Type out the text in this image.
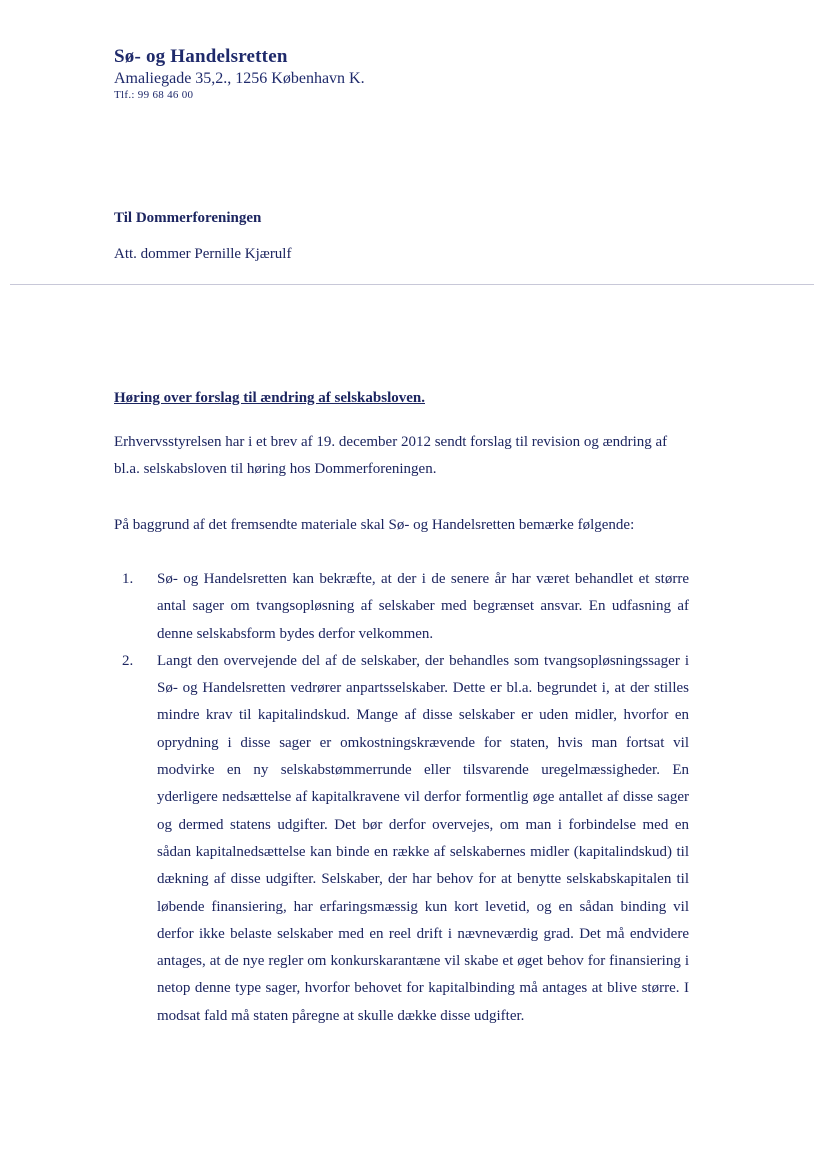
Sø- og Handelsretten
Amaliegade 35,2., 1256 København K.
Tlf.: 99 68 46 00
Til Dommerforeningen
Att. dommer Pernille Kjærulf
Høring over forslag til ændring af selskabsloven.
Erhvervsstyrelsen har i et brev af 19. december 2012 sendt forslag til revision og ændring af bl.a. selskabsloven til høring hos Dommerforeningen.
På baggrund af det fremsendte materiale skal Sø- og Handelsretten bemærke følgende:
1. Sø- og Handelsretten kan bekræfte, at der i de senere år har været behandlet et større antal sager om tvangsopløsning af selskaber med begrænset ansvar. En udfasning af denne selskabsform bydes derfor velkommen.
2. Langt den overvejende del af de selskaber, der behandles som tvangsopløsningssager i Sø- og Handelsretten vedrører anpartsselskaber. Dette er bl.a. begrundet i, at der stilles mindre krav til kapitalindskud. Mange af disse selskaber er uden midler, hvorfor en oprydning i disse sager er omkostningskrævende for staten, hvis man fortsat vil modvirke en ny selskabstømmerrunde eller tilsvarende uregelmæssigheder. En yderligere nedsættelse af kapitalkravene vil derfor formentlig øge antallet af disse sager og dermed statens udgifter. Det bør derfor overvejes, om man i forbindelse med en sådan kapitalnedsættelse kan binde en række af selskabernes midler (kapitalindskud) til dækning af disse udgifter. Selskaber, der har behov for at benytte selskabskapitalen til løbende finansiering, har erfaringsmæssig kun kort levetid, og en sådan binding vil derfor ikke belaste selskaber med en reel drift i nævneværdig grad. Det må endvidere antages, at de nye regler om konkurskarantæne vil skabe et øget behov for finansiering i netop denne type sager, hvorfor behovet for kapitalbinding må antages at blive større. I modsat fald må staten påregne at skulle dække disse udgifter.
